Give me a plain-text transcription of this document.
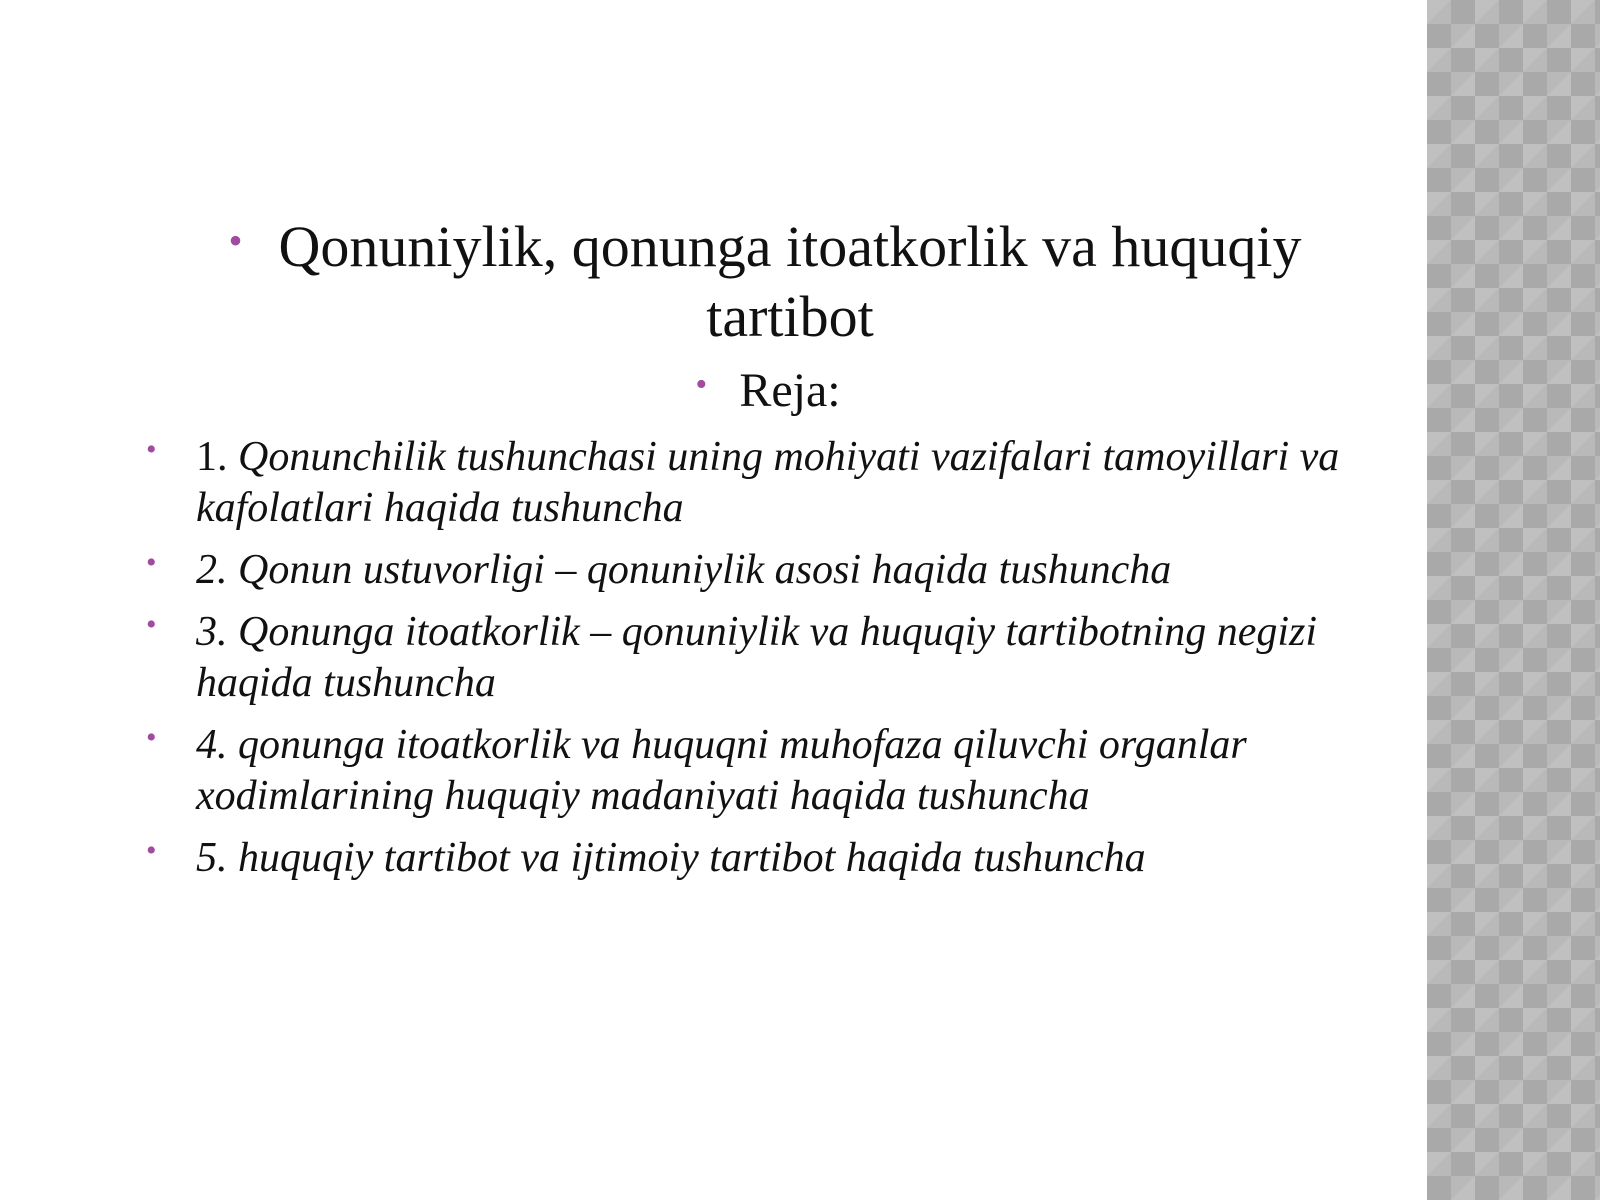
• Qonuniylik, qonunga itoatkorlik va huquqiy
tartibot

• Reja:
• 1. Qonunchilik tushunchasi uning mohiyati vazifalari tamoyillari va kafolatlari haqida tushuncha
• 2. Qonun ustuvorligi – qonuniylik asosi haqida tushuncha
• 3. Qonunga itoatkorlik – qonuniylik va huquqiy tartibotning negizi haqida tushuncha
• 4. qonunga itoatkorlik va huquqni muhofaza qiluvchi organlar xodimlarining huquqiy madaniyati haqida tushuncha
• 5. huquqiy tartibot va ijtimoiy tartibot haqida tushuncha
